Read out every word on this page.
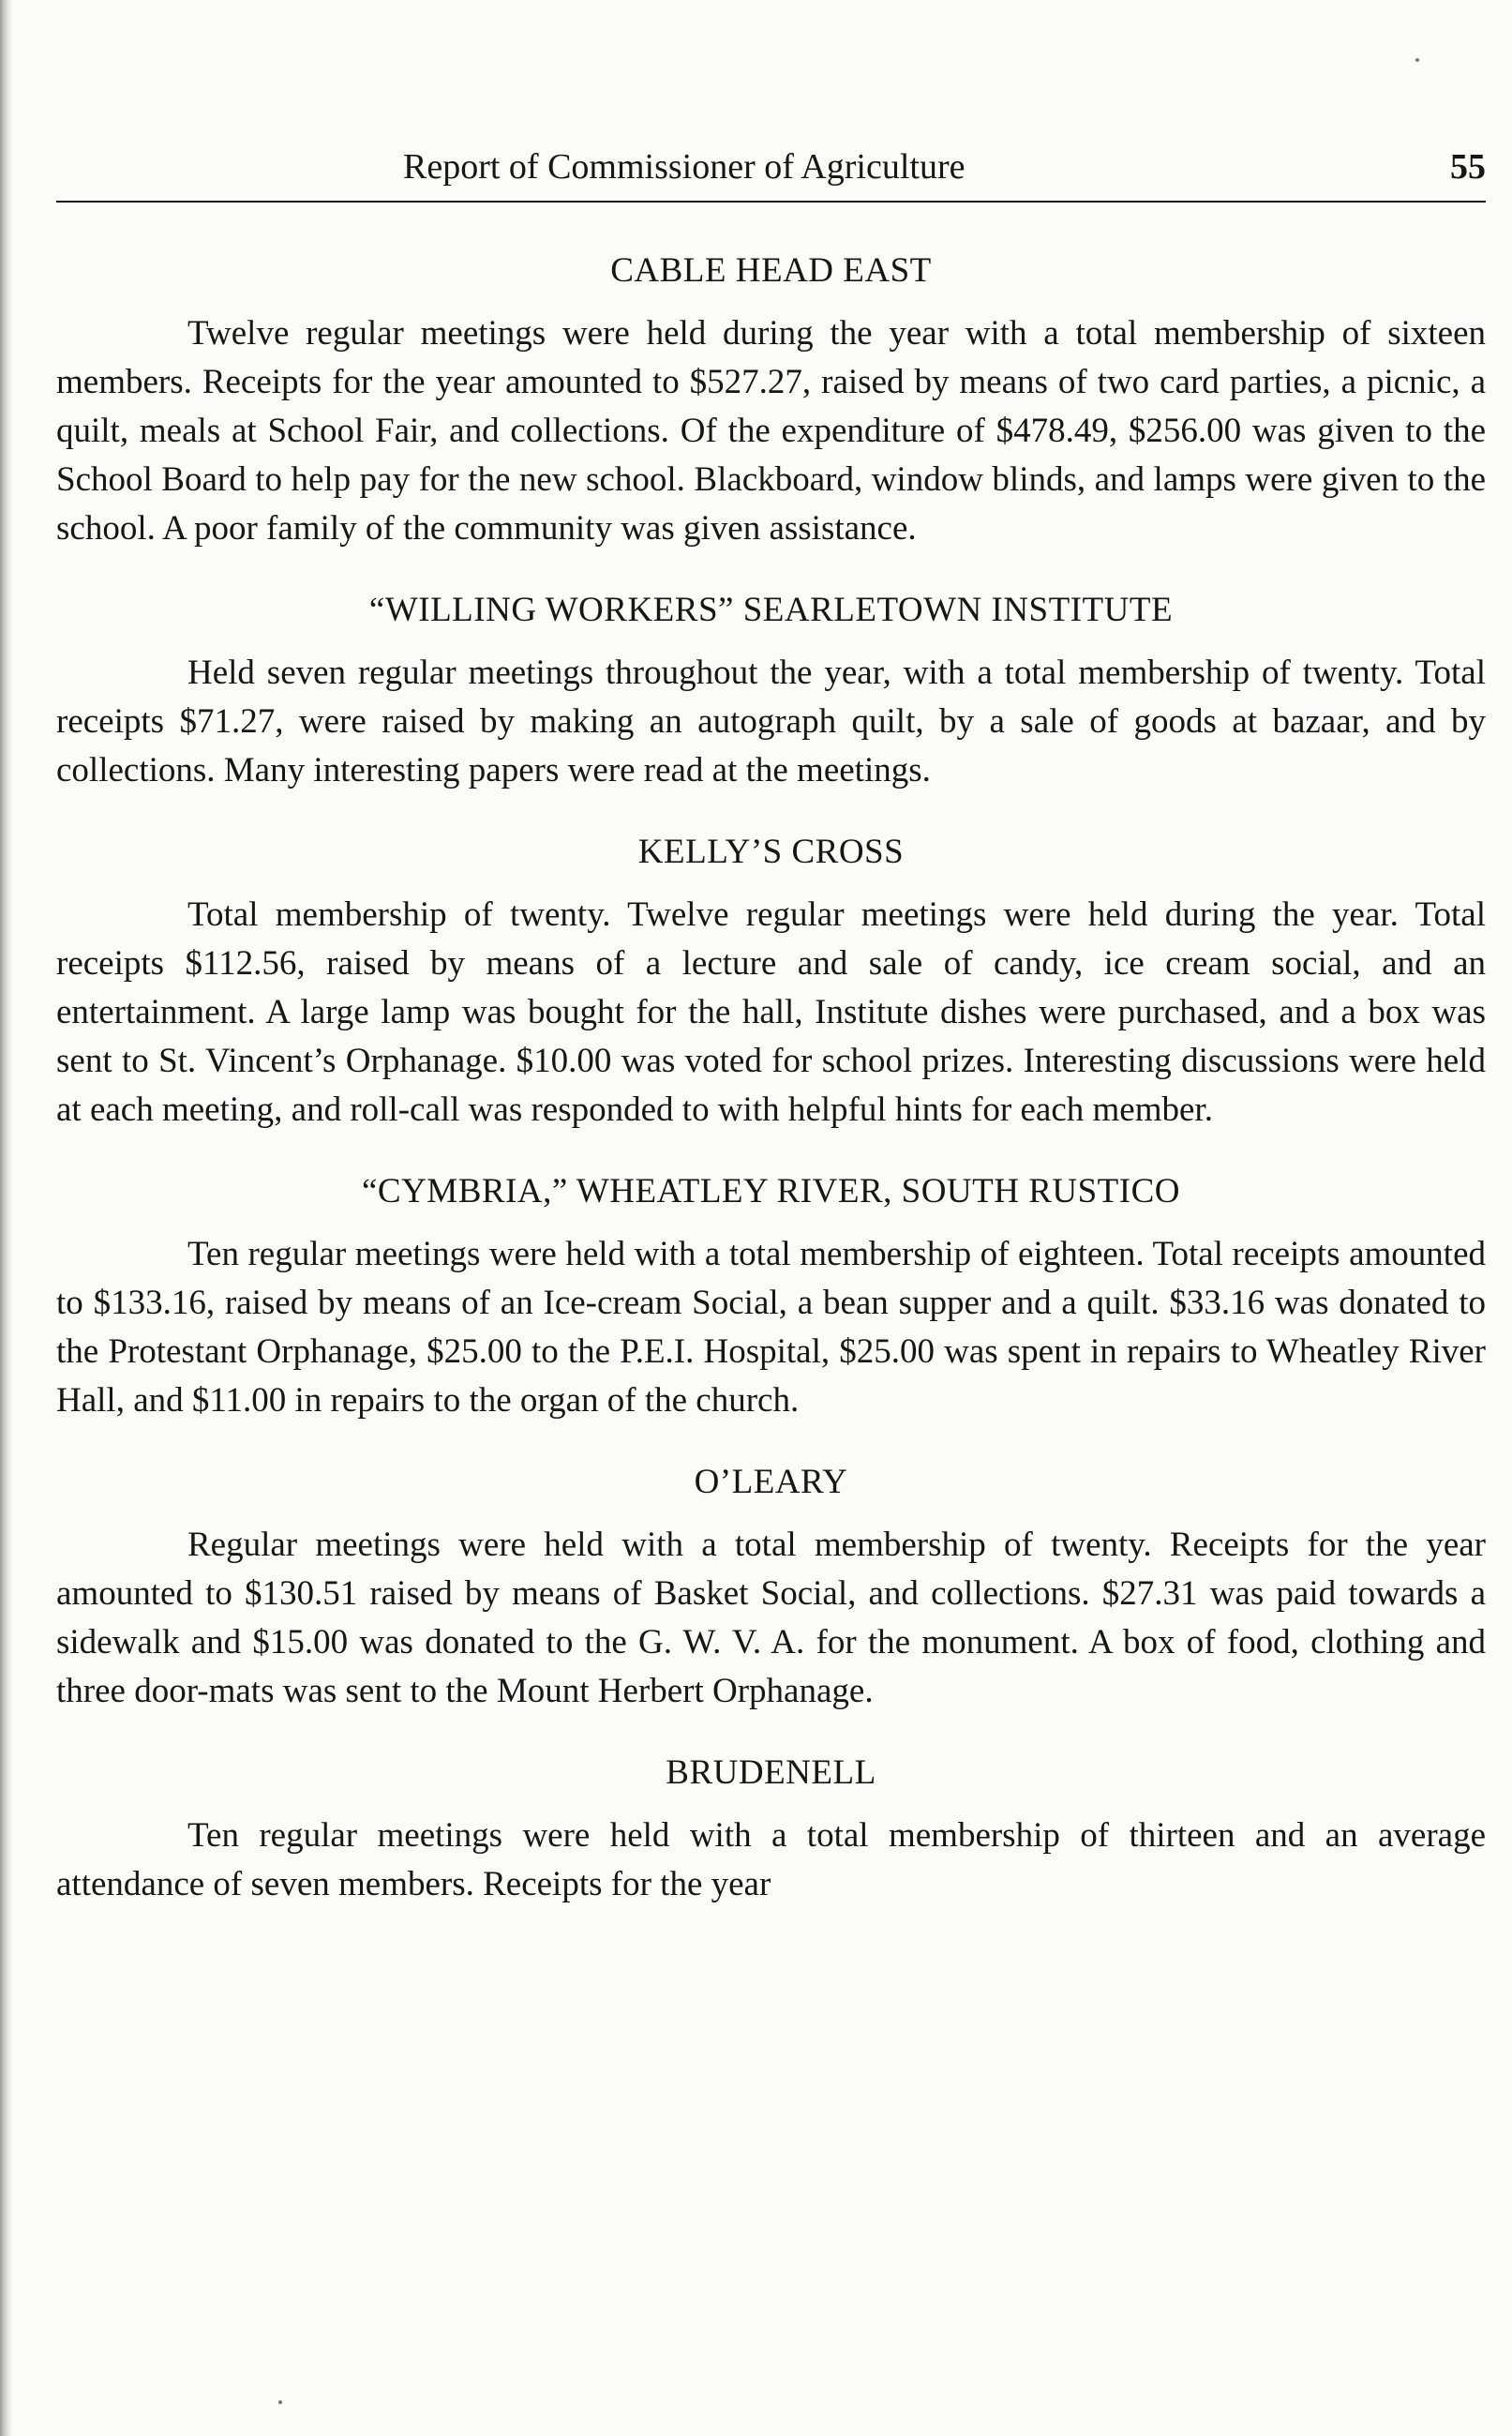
Report of Commissioner of Agriculture	55
CABLE HEAD EAST

Twelve regular meetings were held during the year with a total membership of sixteen members. Receipts for the year amounted to $527.27, raised by means of two card parties, a picnic, a quilt, meals at School Fair, and collections. Of the expenditure of $478.49, $256.00 was given to the School Board to help pay for the new school. Blackboard, window blinds, and lamps were given to the school. A poor family of the community was given assistance.

“WILLING WORKERS” SEARLETOWN INSTITUTE

Held seven regular meetings throughout the year, with a total membership of twenty. Total receipts $71.27, were raised by making an autograph quilt, by a sale of goods at bazaar, and by collections. Many interesting papers were read at the meetings.

KELLY’S CROSS

Total membership of twenty. Twelve regular meetings were held during the year. Total receipts $112.56, raised by means of a lecture and sale of candy, ice cream social, and an entertainment. A large lamp was bought for the hall, Institute dishes were purchased, and a box was sent to St. Vincent’s Orphanage. $10.00 was voted for school prizes. Interesting discussions were held at each meeting, and roll-call was responded to with helpful hints for each member.

“CYMBRIA,” WHEATLEY RIVER, SOUTH RUSTICO

Ten regular meetings were held with a total membership of eighteen. Total receipts amounted to $133.16, raised by means of an Ice-cream Social, a bean supper and a quilt. $33.16 was donated to the Protestant Orphanage, $25.00 to the P.E.I. Hospital, $25.00 was spent in repairs to Wheatley River Hall, and $11.00 in repairs to the organ of the church.

O’LEARY

Regular meetings were held with a total membership of twenty. Receipts for the year amounted to $130.51 raised by means of Basket Social, and collections. $27.31 was paid towards a sidewalk and $15.00 was donated to the G. W. V. A. for the monument. A box of food, clothing and three door-mats was sent to the Mount Herbert Orphanage.

BRUDENELL

Ten regular meetings were held with a total membership of thirteen and an average attendance of seven members. Receipts for the year
